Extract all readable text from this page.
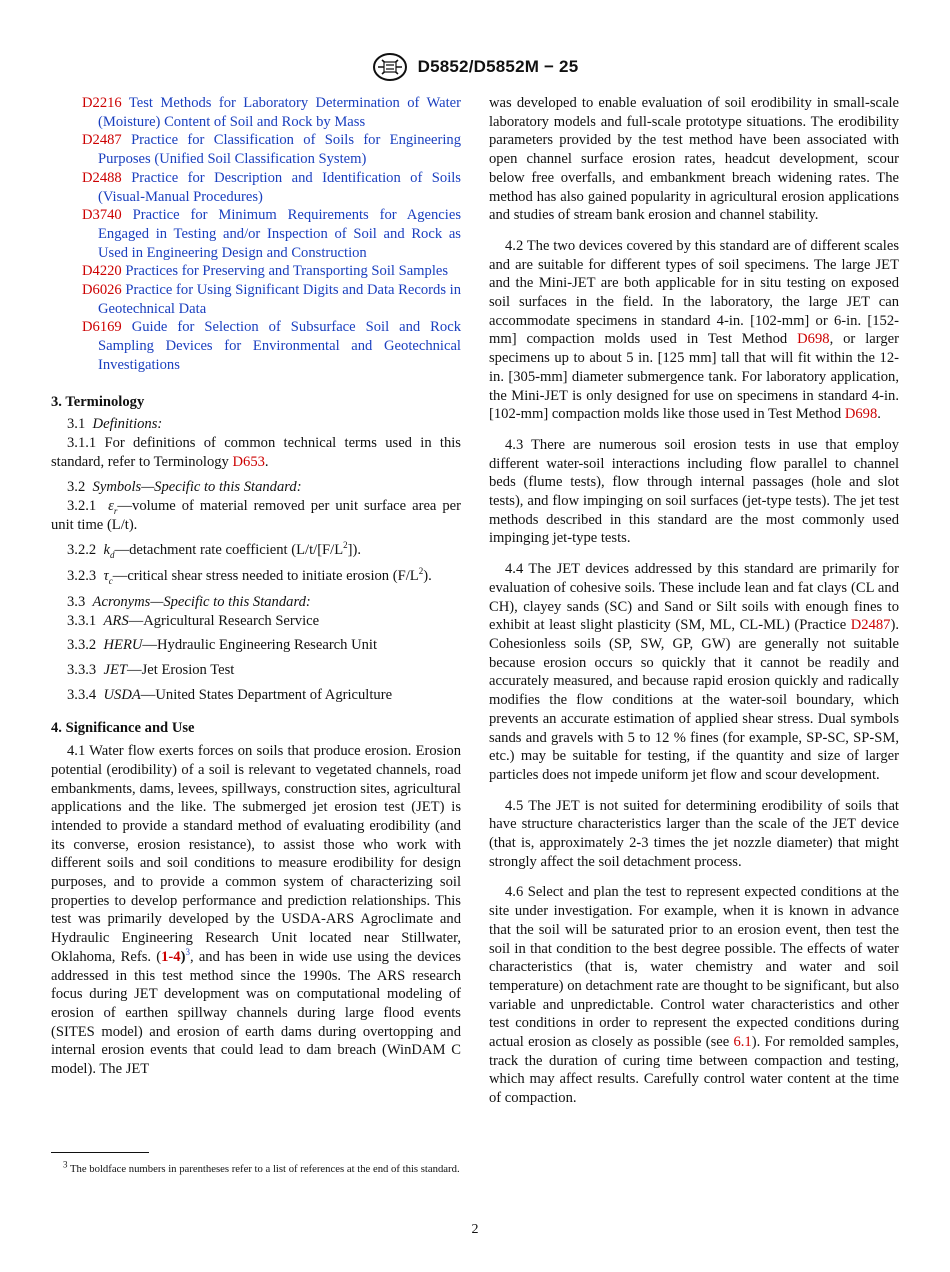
D5852/D5852M − 25

D2216 Test Methods for Laboratory Determination of Water (Moisture) Content of Soil and Rock by Mass

D2487 Practice for Classification of Soils for Engineering Purposes (Unified Soil Classification System)

D2488 Practice for Description and Identification of Soils (Visual-Manual Procedures)

D3740 Practice for Minimum Requirements for Agencies Engaged in Testing and/or Inspection of Soil and Rock as Used in Engineering Design and Construction

D4220 Practices for Preserving and Transporting Soil Samples

D6026 Practice for Using Significant Digits and Data Records in Geotechnical Data

D6169 Guide for Selection of Subsurface Soil and Rock Sampling Devices for Environmental and Geotechnical Investigations

3. Terminology

3.1 Definitions:

3.1.1 For definitions of common technical terms used in this standard, refer to Terminology D653.

3.2 Symbols—Specific to this Standard:

3.2.1 $\varepsilon_r—volume$ of material removed per unit surface area per unit time (L/t).

3.2.2 $k_d—detachment$ rate coefficient $(L/t/[F/L^2])$.

3.2.3 $\tau_c—critical$ shear stress needed to initiate erosion $(F/L^2)$.

3.3 Acronyms—Specific to this Standard:

3.3.1 ARS—Agricultural Research Service

3.3.2 HERU—Hydraulic Engineering Research Unit

3.3.3 JET—Jet Erosion Test

3.3.4 USDA—United States Department of Agriculture

4. Significance and Use

4.1 Water flow exerts forces on soils that produce erosion. Erosion potential (erodibility) of a soil is relevant to vegetated channels, road embankments, dams, levees, spillways, construction sites, agricultural applications and the like. The submerged jet erosion test (JET) is intended to provide a standard method of evaluating erodibility (and its converse, erosion resistance), to assist those who work with different soils and soil conditions to measure erodibility for design purposes, and to provide a common system of characterizing soil properties to develop performance and prediction relationships. This test was primarily developed by the USDA-ARS Agroclimate and Hydraulic Engineering Research Unit located near Stillwater, Oklahoma, Refs. $(1-4)^3$, and has been in wide use using the devices addressed in this test method since the 1990s. The ARS research focus during JET development was on computational modeling of erosion of earthen spillway channels during large flood events (SITES model) and erosion of earth dams during overtopping and internal erosion events that could lead to dam breach (WinDAM C model). The JET

was developed to enable evaluation of soil erodibility in small-scale laboratory models and full-scale prototype situations. The erodibility parameters provided by the test method have been associated with open channel surface erosion rates, headcut development, scour below free overfalls, and embankment breach widening rates. The method has also gained popularity in agricultural erosion applications and studies of stream bank erosion and channel stability.

4.2 The two devices covered by this standard are of different scales and are suitable for different types of soil specimens. The large JET and the Mini-JET are both applicable for in situ testing on exposed soil surfaces in the field. In the laboratory, the large JET can accommodate specimens in standard 4-in. [102-mm] or 6-in. [152-mm] compaction molds used in Test Method D698, or larger specimens up to about 5 in. [125 mm] tall that will fit within the 12-in. [305-mm] diameter submergence tank. For laboratory application, the Mini-JET is only designed for use on specimens in standard 4-in. [102-mm] compaction molds like those used in Test Method D698.

4.3 There are numerous soil erosion tests in use that employ different water-soil interactions including flow parallel to channel beds (flume tests), flow through internal passages (hole and slot tests), and flow impinging on soil surfaces (jet-type tests). The jet test methods described in this standard are the most commonly used impinging jet-type tests.

4.4 The JET devices addressed by this standard are primarily for evaluation of cohesive soils. These include lean and fat clays (CL and CH), clayey sands (SC) and Sand or Silt soils with enough fines to exhibit at least slight plasticity (SM, ML, CL-ML) (Practice D2487). Cohesionless soils (SP, SW, GP, GW) are generally not suitable because erosion occurs so quickly that it cannot be readily and accurately measured, and because rapid erosion quickly and radically modifies the flow conditions at the water-soil boundary, which prevents an accurate estimation of applied shear stress. Dual symbols sands and gravels with 5 to 12 % fines (for example, SP-SC, SP-SM, etc.) may be suitable for testing, if the quantity and size of larger particles does not impede uniform jet flow and scour development.

4.5 The JET is not suited for determining erodibility of soils that have structure characteristics larger than the scale of the JET device (that is, approximately 2-3 times the jet nozzle diameter) that might strongly affect the soil detachment process.

4.6 Select and plan the test to represent expected conditions at the site under investigation. For example, when it is known in advance that the soil will be saturated prior to an erosion event, then test the soil in that condition to the best degree possible. The effects of water characteristics (that is, water chemistry and water and soil temperature) on detachment rate are thought to be significant, but also variable and unpredictable. Control water characteristics and other test conditions in order to represent the expected conditions during actual erosion as closely as possible (see 6.1). For remolded samples, track the duration of curing time between compaction and testing, which may affect results. Carefully control water content at the time of compaction.

$^3$ The boldface numbers in parentheses refer to a list of references at the end of this standard.
2
